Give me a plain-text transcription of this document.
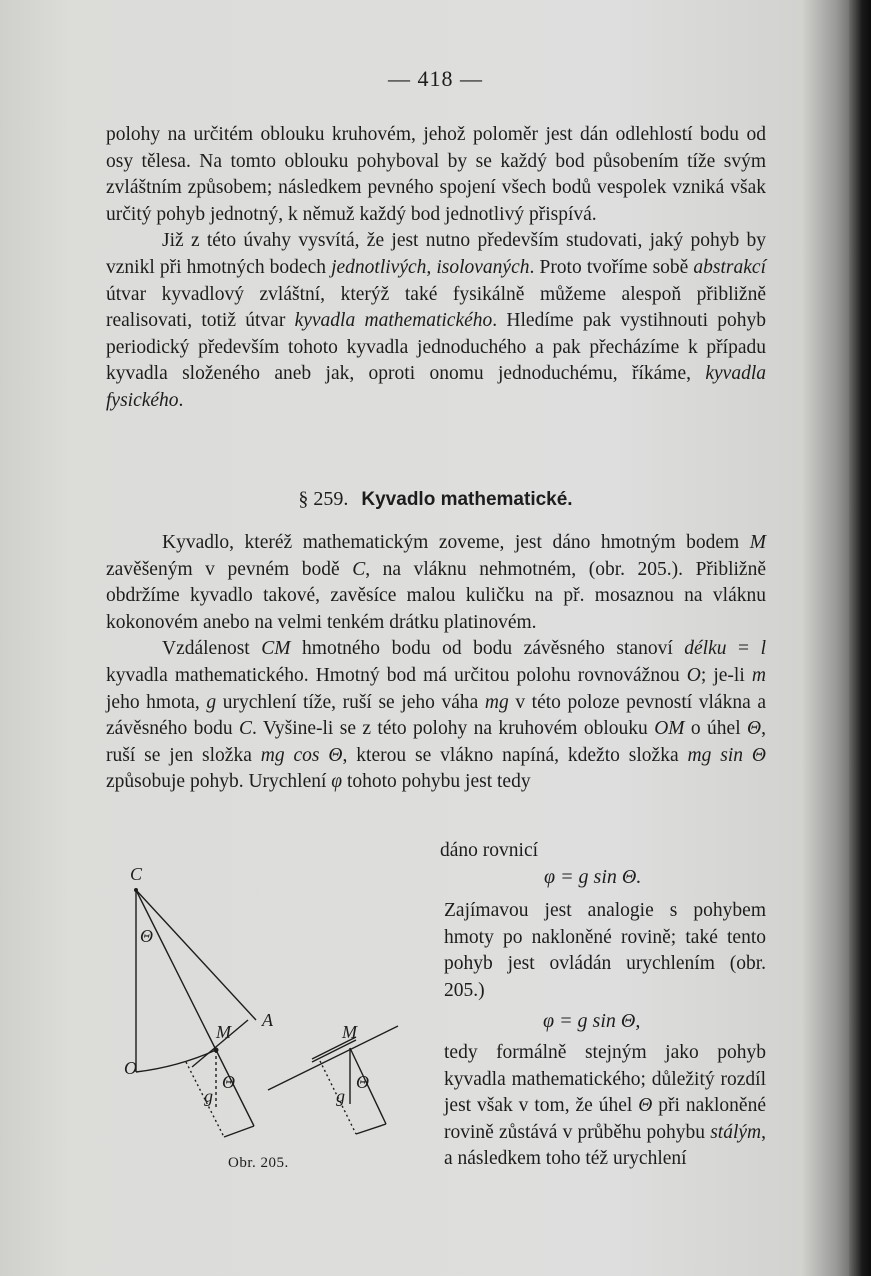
— 418 —

polohy na určitém oblouku kruhovém, jehož poloměr jest dán odlehlostí bodu od osy tělesa. Na tomto oblouku pohyboval by se každý bod působením tíže svým zvláštním způsobem; následkem pevného spojení všech bodů vespolek vzniká však určitý pohyb jednotný, k němuž každý bod jednotlivý přispívá.

Již z této úvahy vysvítá, že jest nutno především studovati, jaký pohyb by vznikl při hmotných bodech jednotlivých, isolovaných. Proto tvoříme sobě abstrakcí útvar kyvadlový zvláštní, kterýž také fysikálně můžeme alespoň přibližně realisovati, totiž útvar kyvadla mathematického. Hledíme pak vystihnouti pohyb periodický především tohoto kyvadla jednoduchého a pak přecházíme k případu kyvadla složeného aneb jak, oproti onomu jednoduchému, říkáme, kyvadla fysického.

§ 259. Kyvadlo mathematické.

Kyvadlo, kteréž mathematickým zoveme, jest dáno hmotným bodem M zavěšeným v pevném bodě C, na vláknu nehmotném, (obr. 205.). Přibližně obdržíme kyvadlo takové, zavěsíce malou kuličku na př. mosaznou na vláknu kokonovém anebo na velmi tenkém drátku platinovém.

Vzdálenost CM hmotného bodu od bodu závěsného stanoví délku = l kyvadla mathematického. Hmotný bod má určitou polohu rovnovážnou O; je-li m jeho hmota, g urychlení tíže, ruší se jeho váha mg v této poloze pevností vlákna a závěsného bodu C. Vyšine-li se z této polohy na kruhovém oblouku OM o úhel Θ, ruší se jen složka mg cos Θ, kterou se vlákno napíná, kdežto složka mg sin Θ způsobuje pohyb. Urychlení φ tohoto pohybu jest tedy

dáno rovnicí
φ = g sin Θ.
Zajímavou jest analogie s pohybem hmoty po nakloněné rovině; také tento pohyb jest ovládán urychlením (obr. 205.)
φ = g sin Θ,
tedy formálně stejným jako pohyb kyvadla mathematického; důležitý rozdíl jest však v tom, že úhel Θ při nakloněné rovině zůstává v průběhu pohybu stálým, a následkem toho též urychlení
C
Θ
M
A
O
g
Θ
M
g
Θ
Obr. 205.
